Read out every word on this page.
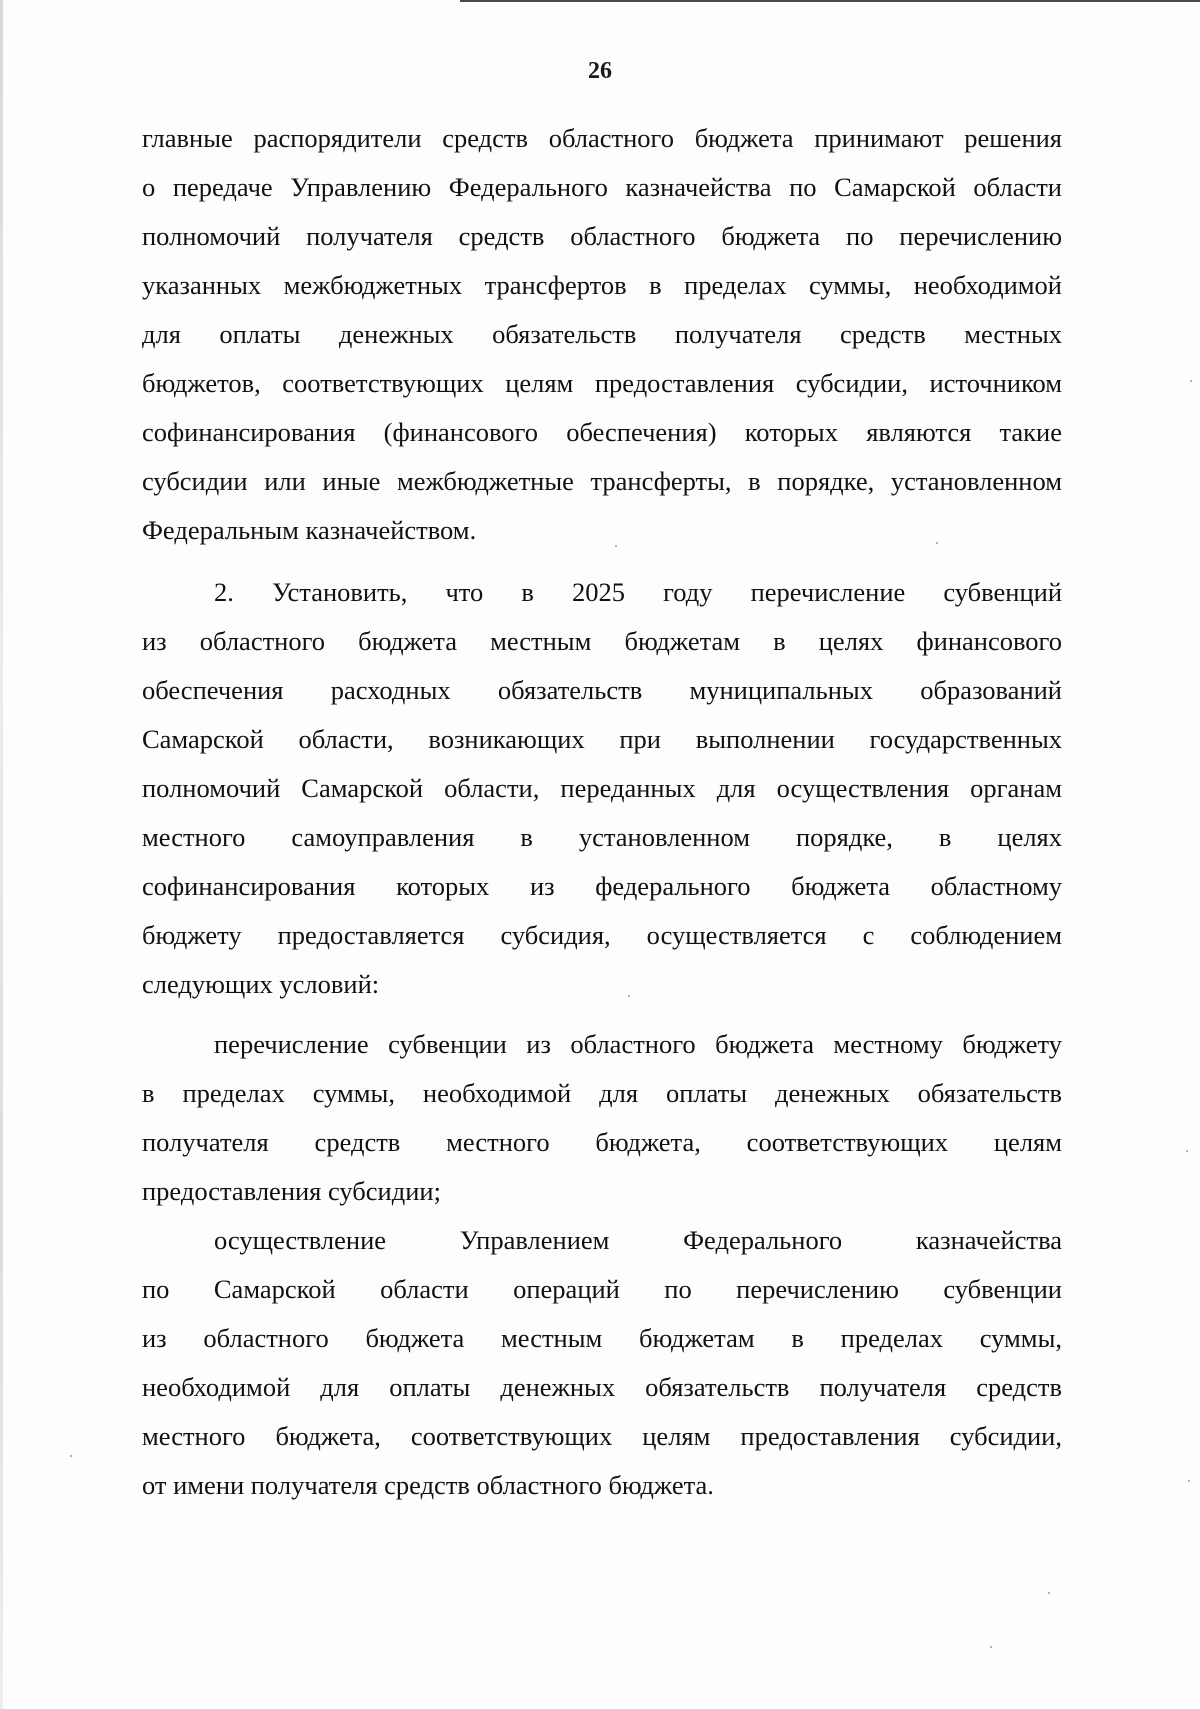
26
главные распорядители средств областного бюджета принимают решения
о передаче Управлению Федерального казначейства по Самарской области
полномочий получателя средств областного бюджета по перечислению
указанных межбюджетных трансфертов в пределах суммы, необходимой
для оплаты денежных обязательств получателя средств местных
бюджетов, соответствующих целям предоставления субсидии, источником
софинансирования (финансового обеспечения) которых являются такие
субсидии или иные межбюджетные трансферты, в порядке, установленном
Федеральным казначейством.
2. Установить, что в 2025 году перечисление субвенций
из областного бюджета местным бюджетам в целях финансового
обеспечения расходных обязательств муниципальных образований
Самарской области, возникающих при выполнении государственных
полномочий Самарской области, переданных для осуществления органам
местного самоуправления в установленном порядке, в целях
софинансирования которых из федерального бюджета областному
бюджету предоставляется субсидия, осуществляется с соблюдением
следующих условий:
перечисление субвенции из областного бюджета местному бюджету
в пределах суммы, необходимой для оплаты денежных обязательств
получателя средств местного бюджета, соответствующих целям
предоставления субсидии;
осуществление Управлением Федерального казначейства
по Самарской области операций по перечислению субвенции
из областного бюджета местным бюджетам в пределах суммы,
необходимой для оплаты денежных обязательств получателя средств
местного бюджета, соответствующих целям предоставления субсидии,
от имени получателя средств областного бюджета.
